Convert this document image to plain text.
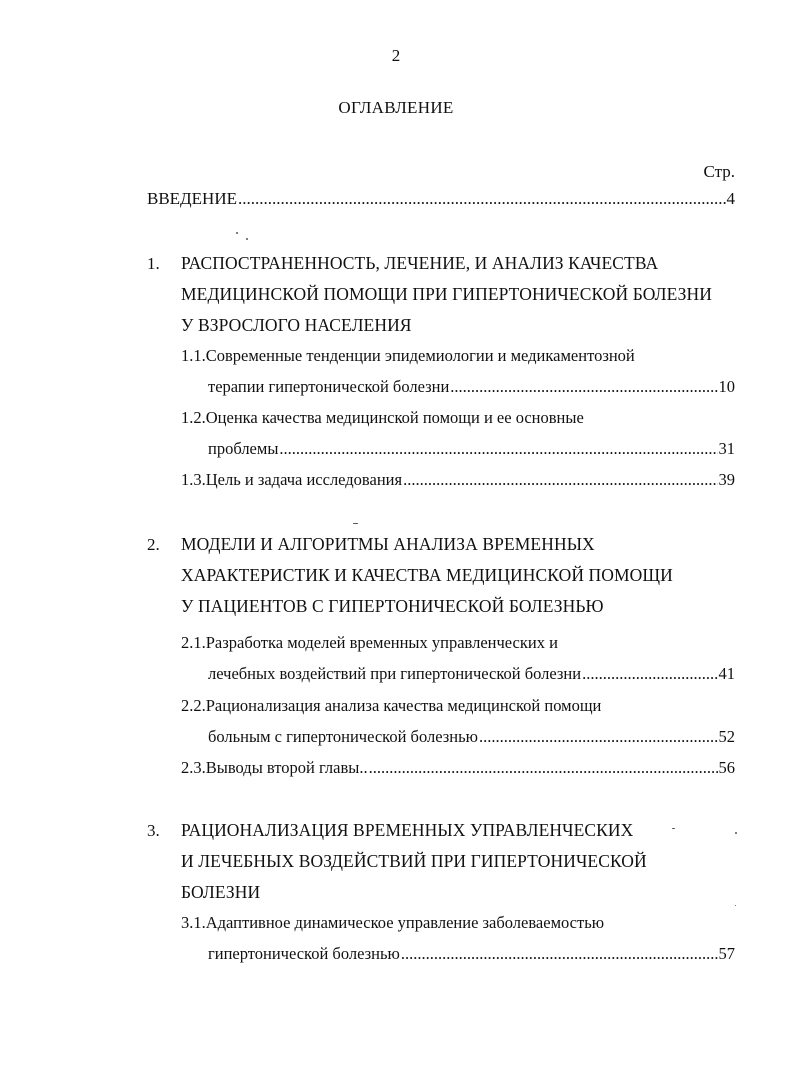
2
ОГЛАВЛЕНИЕ
Стр.
ВВЕДЕНИЕ .....	4
1. РАСПОСТРАНЕННОСТЬ, ЛЕЧЕНИЕ, И АНАЛИЗ КАЧЕСТВА
МЕДИЦИНСКОЙ ПОМОЩИ ПРИ ГИПЕРТОНИЧЕСКОЙ БОЛЕЗНИ
У ВЗРОСЛОГО НАСЕЛЕНИЯ
1.1.Современные тенденции эпидемиологии и медикаментозной
терапии гипертонической болезни .....	10
1.2.Оценка качества медицинской помощи и ее основные
проблемы .....	31
1.3.Цель и задача исследования .....	39
2. МОДЕЛИ И АЛГОРИТМЫ АНАЛИЗА ВРЕМЕННЫХ
ХАРАКТЕРИСТИК И КАЧЕСТВА МЕДИЦИНСКОЙ ПОМОЩИ
У ПАЦИЕНТОВ С ГИПЕРТОНИЧЕСКОЙ БОЛЕЗНЬЮ
2.1.Разработка моделей временных управленческих и
лечебных воздействий при гипертонической болезни .....	41
2.2.Рационализация анализа качества медицинской помощи
больным с гипертонической болезнью .....	52
2.3.Выводы второй главы.. .....	56
3. РАЦИОНАЛИЗАЦИЯ ВРЕМЕННЫХ УПРАВЛЕНЧЕСКИХ
И ЛЕЧЕБНЫХ ВОЗДЕЙСТВИЙ ПРИ ГИПЕРТОНИЧЕСКОЙ
БОЛЕЗНИ
3.1.Адаптивное динамическое управление заболеваемостью
гипертонической болезнью .....	57
